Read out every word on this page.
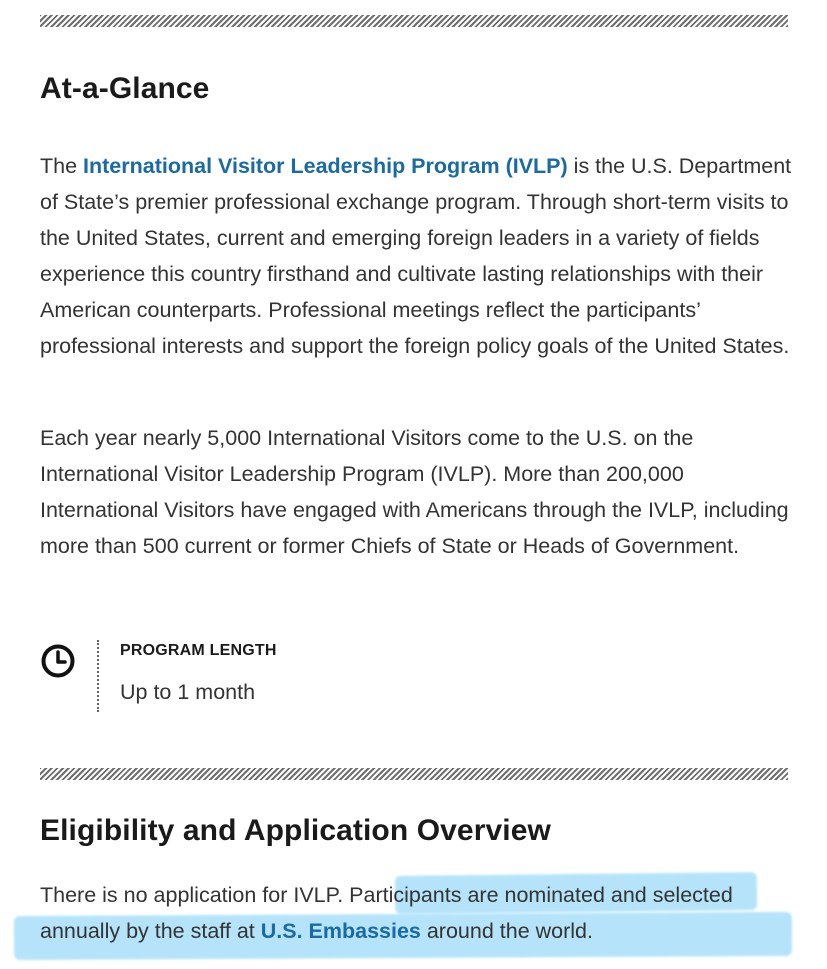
At-a-Glance

The International Visitor Leadership Program (IVLP) is the U.S. Department of State’s premier professional exchange program. Through short-term visits to the United States, current and emerging foreign leaders in a variety of fields experience this country firsthand and cultivate lasting relationships with their American counterparts. Professional meetings reflect the participants’ professional interests and support the foreign policy goals of the United States.

Each year nearly 5,000 International Visitors come to the U.S. on the International Visitor Leadership Program (IVLP). More than 200,000 International Visitors have engaged with Americans through the IVLP, including more than 500 current or former Chiefs of State or Heads of Government.

PROGRAM LENGTH
Up to 1 month
Eligibility and Application Overview

There is no application for IVLP. Participants are nominated and selected annually by the staff at U.S. Embassies around the world.
